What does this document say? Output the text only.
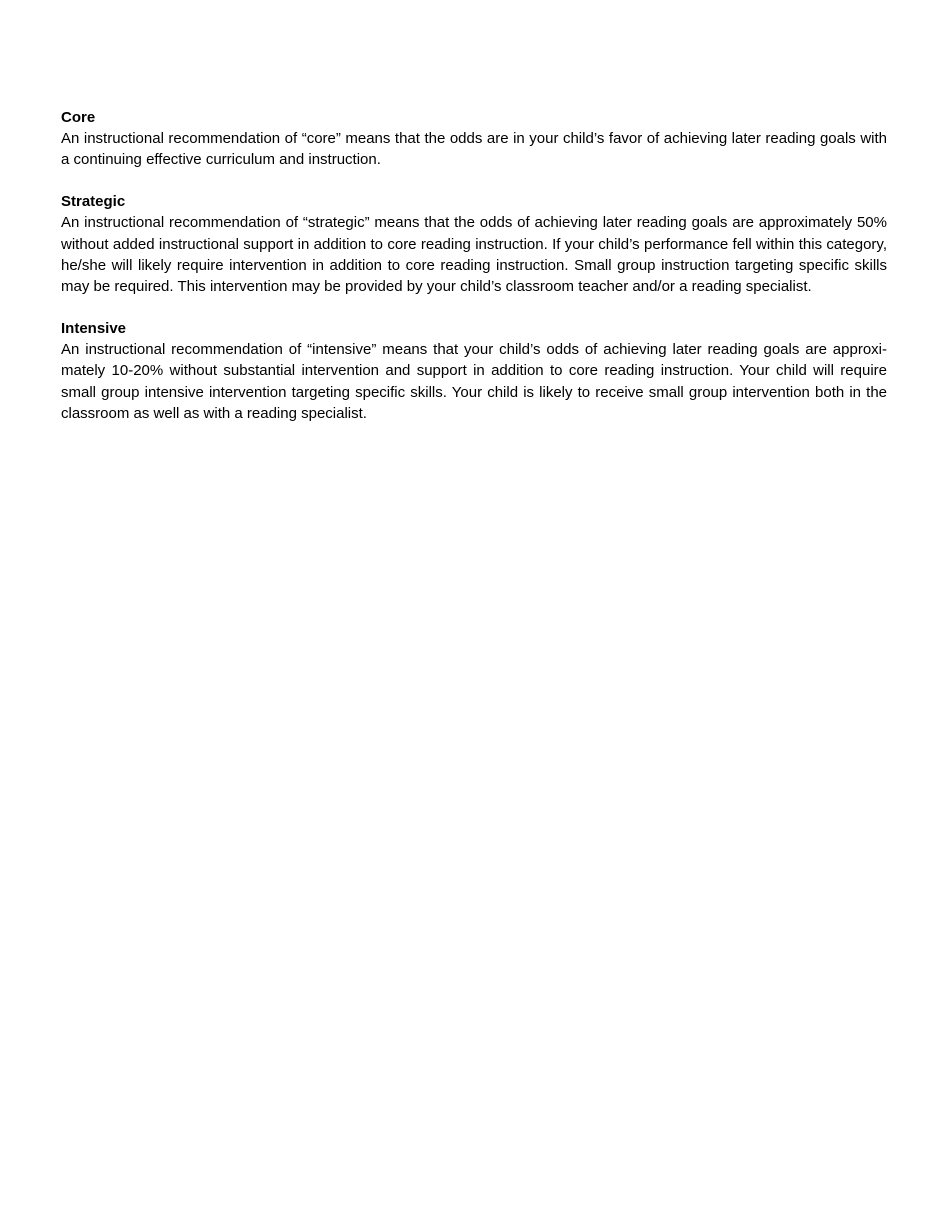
Core

An instructional recommendation of “core” means that the odds are in your child’s favor of achieving later reading goals with a continuing effective curriculum and instruction.

Strategic

An instructional recommendation of “strategic” means that the odds of achieving later reading goals are approximately 50% without added instructional support in addition to core reading instruction. If your child’s performance fell within this category, he/she will likely require intervention in addition to core reading instruction. Small group instruction targeting specific skills may be required. This intervention may be provided by your child’s classroom teacher and/or a reading specialist.

Intensive

An instructional recommendation of “intensive” means that your child’s odds of achieving later reading goals are approxi-mately 10-20% without substantial intervention and support in addition to core reading instruction. Your child will require small group intensive intervention targeting specific skills. Your child is likely to receive small group intervention both in the classroom as well as with a reading specialist.
